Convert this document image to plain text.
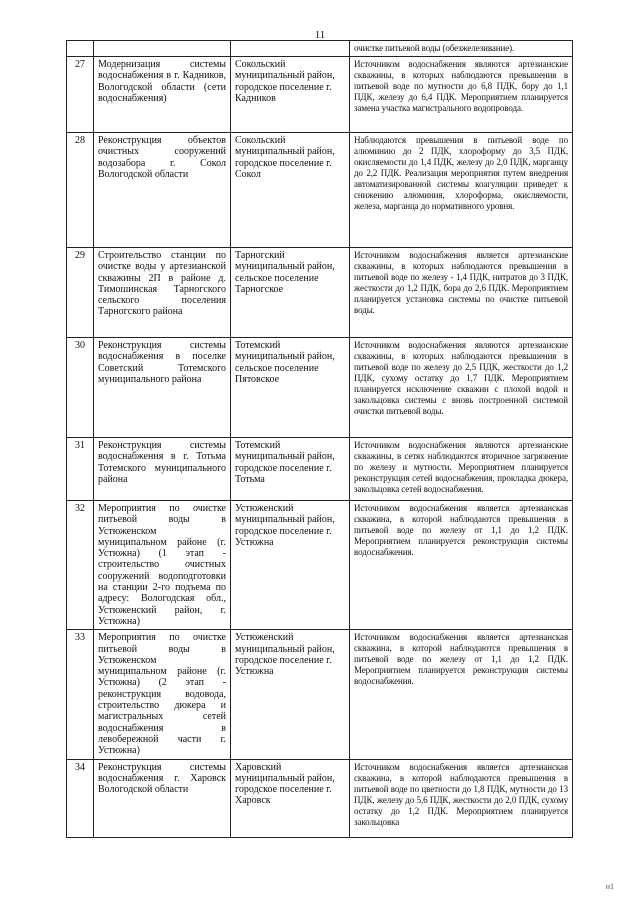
11
			очистке питьевой воды (обезжелезивание).
27	Модернизация системы водоснабжения в г. Кадников, Вологодской области (сети водоснабжения)	Сокольский муниципальный район, городское поселение г. Кадников	Источником водоснабжения являются артезианские скважины, в которых наблюдаются превышения в питьевой воде по мутности до 6,8 ПДК, бору до 1,1 ПДК, железу до 6,4 ПДК. Мероприятием планируется замена участка магистрального водопровода.
28	Реконструкция объектов очистных сооружений водозабора г. Сокол Вологодской области	Сокольский муниципальный район, городское поселение г. Сокол	Наблюдаются превышения в питьевой воде по алюминию до 2 ПДК, хлороформу до 3,5 ПДК, окисляемости до 1,4 ПДК, железу до 2,0 ПДК, марганцу до 2,2 ПДК. Реализация мероприятия путем внедрения автоматизированной системы коагуляции приведет к снижению алюминия, хлороформа, окисляемости, железа, марганца до нормативного уровня.
29	Строительство станции по очистке воды у артезианской скважины 2П в районе д. Тимошинская Тарногского сельского поселения Тарногского района	Тарногский муниципальный район, сельское поселение Тарногское	Источником водоснабжения является артезианские скважины, в которых наблюдаются превышения в питьевой воде по железу - 1,4 ПДК, нитратов до 3 ПДК, жесткости до 1,2 ПДК, бора до 2,6 ПДК. Мероприятием планируется установка системы по очистке питьевой воды.
30	Реконструкция системы водоснабжения в поселке Советский Тотемского муниципального района	Тотемский муниципальный район, сельское поселение Пятовское	Источником водоснабжения являются артезианские скважины, в которых наблюдаются превышения в питьевой воде по железу до 2,5 ПДК, жесткости до 1,2 ПДК, сухому остатку до 1,7 ПДК. Мероприятием планируется исключение скважин с плохой водой и закольцовка системы с вновь построенной системой очистки питьевой воды.
31	Реконструкция системы водоснабжения в г. Тотьма Тотемского муниципального района	Тотемский муниципальный район, городское поселение г. Тотьма	Источником водоснабжения являются артезианские скважины, в сетях наблюдаются вторичное загрязнение по железу и мутности. Мероприятием планируется реконструкция сетей водоснабжения, прокладка дюкера, закольцовка сетей водоснабжения.
32	Мероприятия по очистке питьевой воды в Устюженском муниципальном районе (г. Устюжна) (1 этап - строительство очистных сооружений водоподготовки на станции 2-го подъема по адресу: Вологодская обл., Устюженский район, г. Устюжна)	Устюженский муниципальный район, городское поселение г. Устюжна	Источником водоснабжения является артезианская скважина, в которой наблюдаются превышения в питьевой воде по железу от 1,1 до 1,2 ПДК. Мероприятием планируется реконструкция системы водоснабжения.
33	Мероприятия по очистке питьевой воды в Устюженском муниципальном районе (г. Устюжна) (2 этап - реконструкция водовода, строительство дюкера и магистральных сетей водоснабжения в левобережной части г. Устюжна)	Устюженский муниципальный район, городское поселение г. Устюжна	Источником водоснабжения является артезианская скважина, в которой наблюдаются превышения в питьевой воде по железу от 1,1 до 1,2 ПДК. Мероприятием планируется реконструкция системы водоснабжения.
34	Реконструкция системы водоснабжения г. Харовск Вологодской области	Харовский муниципальный район, городское поселение г. Харовск	Источником водоснабжения является артезианская скважина, в которой наблюдаются превышения в питьевой воде по цветности до 1,8 ПДК, мутности до 13 ПДК, железу до 5,6 ПДК, жесткости до 2,0 ПДК, сухому остатку до 1,2 ПДК. Мероприятием планируется закольцовка
н1
